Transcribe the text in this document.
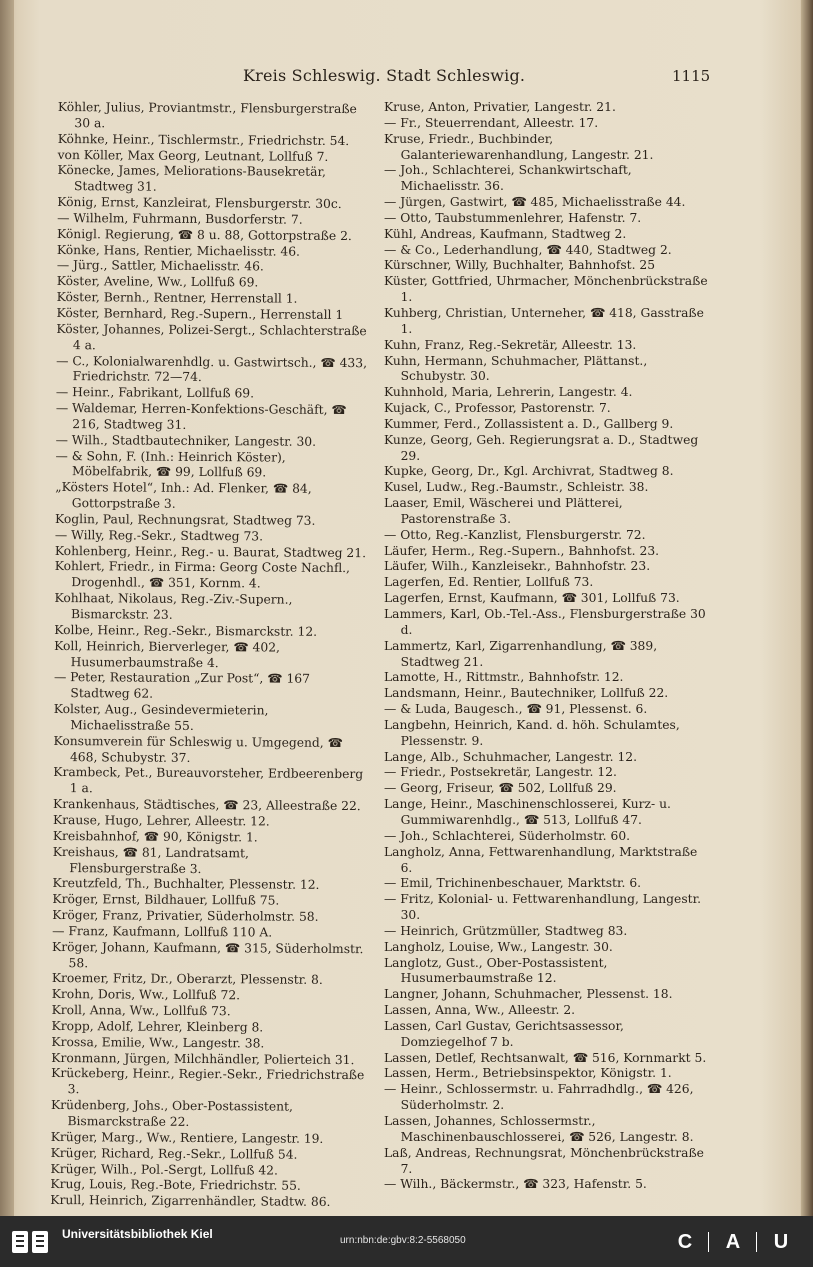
Kreis Schleswig. Stadt Schleswig.	1115
Köhler, Julius, Proviantmstr., Flensburgerstraße 30 a.
Köhnke, Heinr., Tischlermstr., Friedrichstr. 54.
von Köller, Max Georg, Leutnant, Lollfuß 7.
Könecke, James, Meliorations-Bausekretär, Stadtweg 31.
König, Ernst, Kanzleirat, Flensburgerstr. 30c.
— Wilhelm, Fuhrmann, Busdorferstr. 7.
Königl. Regierung, ☎ 8 u. 88, Gottorpstraße 2.
Könke, Hans, Rentier, Michaelisstr. 46.
— Jürg., Sattler, Michaelisstr. 46.
Köster, Aveline, Ww., Lollfuß 69.
Köster, Bernh., Rentner, Herrenstall 1.
Köster, Bernhard, Reg.-Supern., Herrenstall 1
Köster, Johannes, Polizei-Sergt., Schlachterstraße 4 a.
— C., Kolonialwarenhdlg. u. Gastwirtsch., ☎ 433, Friedrichstr. 72—74.
— Heinr., Fabrikant, Lollfuß 69.
— Waldemar, Herren-Konfektions-Geschäft, ☎ 216, Stadtweg 31.
— Wilh., Stadtbautechniker, Langestr. 30.
— & Sohn, F. (Inh.: Heinrich Köster), Möbelfabrik, ☎ 99, Lollfuß 69.
„Kösters Hotel“, Inh.: Ad. Flenker, ☎ 84, Gottorpstraße 3.
Koglin, Paul, Rechnungsrat, Stadtweg 73.
— Willy, Reg.-Sekr., Stadtweg 73.
Kohlenberg, Heinr., Reg.- u. Baurat, Stadtweg 21.
Kohlert, Friedr., in Firma: Georg Coste Nachfl., Drogenhdl., ☎ 351, Kornm. 4.
Kohlhaat, Nikolaus, Reg.-Ziv.-Supern., Bismarckstr. 23.
Kolbe, Heinr., Reg.-Sekr., Bismarckstr. 12.
Koll, Heinrich, Bierverleger, ☎ 402, Husumerbaumstraße 4.
— Peter, Restauration „Zur Post“, ☎ 167 Stadtweg 62.
Kolster, Aug., Gesindevermieterin, Michaelisstraße 55.
Konsumverein für Schleswig u. Umgegend, ☎ 468, Schubystr. 37.
Krambeck, Pet., Bureauvorsteher, Erdbeerenberg 1 a.
Krankenhaus, Städtisches, ☎ 23, Alleestraße 22.
Krause, Hugo, Lehrer, Alleestr. 12.
Kreisbahnhof, ☎ 90, Königstr. 1.
Kreishaus, ☎ 81, Landratsamt, Flensburgerstraße 3.
Kreutzfeld, Th., Buchhalter, Plessenstr. 12.
Kröger, Ernst, Bildhauer, Lollfuß 75.
Kröger, Franz, Privatier, Süderholmstr. 58.
— Franz, Kaufmann, Lollfuß 110 A.
Kröger, Johann, Kaufmann, ☎ 315, Süderholmstr. 58.
Kroemer, Fritz, Dr., Oberarzt, Plessenstr. 8.
Krohn, Doris, Ww., Lollfuß 72.
Kroll, Anna, Ww., Lollfuß 73.
Kropp, Adolf, Lehrer, Kleinberg 8.
Krossa, Emilie, Ww., Langestr. 38.
Kronmann, Jürgen, Milchhändler, Polierteich 31.
Krückeberg, Heinr., Regier.-Sekr., Friedrichstraße 3.
Krüdenberg, Johs., Ober-Postassistent, Bismarckstraße 22.
Krüger, Marg., Ww., Rentiere, Langestr. 19.
Krüger, Richard, Reg.-Sekr., Lollfuß 54.
Krüger, Wilh., Pol.-Sergt, Lollfuß 42.
Krug, Louis, Reg.-Bote, Friedrichstr. 55.
Krull, Heinrich, Zigarrenhändler, Stadtw. 86.
Kruse, Anton, Privatier, Langestr. 21.
— Fr., Steuerrendant, Alleestr. 17.
Kruse, Friedr., Buchbinder, Galanteriewarenhandlung, Langestr. 21.
— Joh., Schlachterei, Schankwirtschaft, Michaelisstr. 36.
— Jürgen, Gastwirt, ☎ 485, Michaelisstraße 44.
— Otto, Taubstummenlehrer, Hafenstr. 7.
Kühl, Andreas, Kaufmann, Stadtweg 2.
— & Co., Lederhandlung, ☎ 440, Stadtweg 2.
Kürschner, Willy, Buchhalter, Bahnhofst. 25
Küster, Gottfried, Uhrmacher, Mönchenbrückstraße 1.
Kuhberg, Christian, Unterneher, ☎ 418, Gasstraße 1.
Kuhn, Franz, Reg.-Sekretär, Alleestr. 13.
Kuhn, Hermann, Schuhmacher, Plättanst., Schubystr. 30.
Kuhnhold, Maria, Lehrerin, Langestr. 4.
Kujack, C., Professor, Pastorenstr. 7.
Kummer, Ferd., Zollassistent a. D., Gallberg 9.
Kunze, Georg, Geh. Regierungsrat a. D., Stadtweg 29.
Kupke, Georg, Dr., Kgl. Archivrat, Stadtweg 8.
Kusel, Ludw., Reg.-Baumstr., Schleistr. 38.
Laaser, Emil, Wäscherei und Plätterei, Pastorenstraße 3.
— Otto, Reg.-Kanzlist, Flensburgerstr. 72.
Läufer, Herm., Reg.-Supern., Bahnhofst. 23.
Läufer, Wilh., Kanzleisekr., Bahnhofstr. 23.
Lagerfen, Ed. Rentier, Lollfuß 73.
Lagerfen, Ernst, Kaufmann, ☎ 301, Lollfuß 73.
Lammers, Karl, Ob.-Tel.-Ass., Flensburgerstraße 30 d.
Lammertz, Karl, Zigarrenhandlung, ☎ 389, Stadtweg 21.
Lamotte, H., Rittmstr., Bahnhofstr. 12.
Landsmann, Heinr., Bautechniker, Lollfuß 22.
— & Luda, Baugesch., ☎ 91, Plessenst. 6.
Langbehn, Heinrich, Kand. d. höh. Schulamtes, Plessenstr. 9.
Lange, Alb., Schuhmacher, Langestr. 12.
— Friedr., Postsekretär, Langestr. 12.
— Georg, Friseur, ☎ 502, Lollfuß 29.
Lange, Heinr., Maschinenschlosserei, Kurz- u. Gummiwarenhdlg., ☎ 513, Lollfuß 47.
— Joh., Schlachterei, Süderholmstr. 60.
Langholz, Anna, Fettwarenhandlung, Marktstraße 6.
— Emil, Trichinenbeschauer, Marktstr. 6.
— Fritz, Kolonial- u. Fettwarenhandlung, Langestr. 30.
— Heinrich, Grützmüller, Stadtweg 83.
Langholz, Louise, Ww., Langestr. 30.
Langlotz, Gust., Ober-Postassistent, Husumerbaumstraße 12.
Langner, Johann, Schuhmacher, Plessenst. 18.
Lassen, Anna, Ww., Alleestr. 2.
Lassen, Carl Gustav, Gerichtsassessor, Domziegelhof 7 b.
Lassen, Detlef, Rechtsanwalt, ☎ 516, Kornmarkt 5.
Lassen, Herm., Betriebsinspektor, Königstr. 1.
— Heinr., Schlossermstr. u. Fahrradhdlg., ☎ 426, Süderholmstr. 2.
Lassen, Johannes, Schlossermstr., Maschinenbauschlosserei, ☎ 526, Langestr. 8.
Laß, Andreas, Rechnungsrat, Mönchenbrückstraße 7.
— Wilh., Bäckermstr., ☎ 323, Hafenstr. 5.
Universitätsbibliothek Kiel	urn:nbn:de:gbv:8:2-5568050	C	A	U
